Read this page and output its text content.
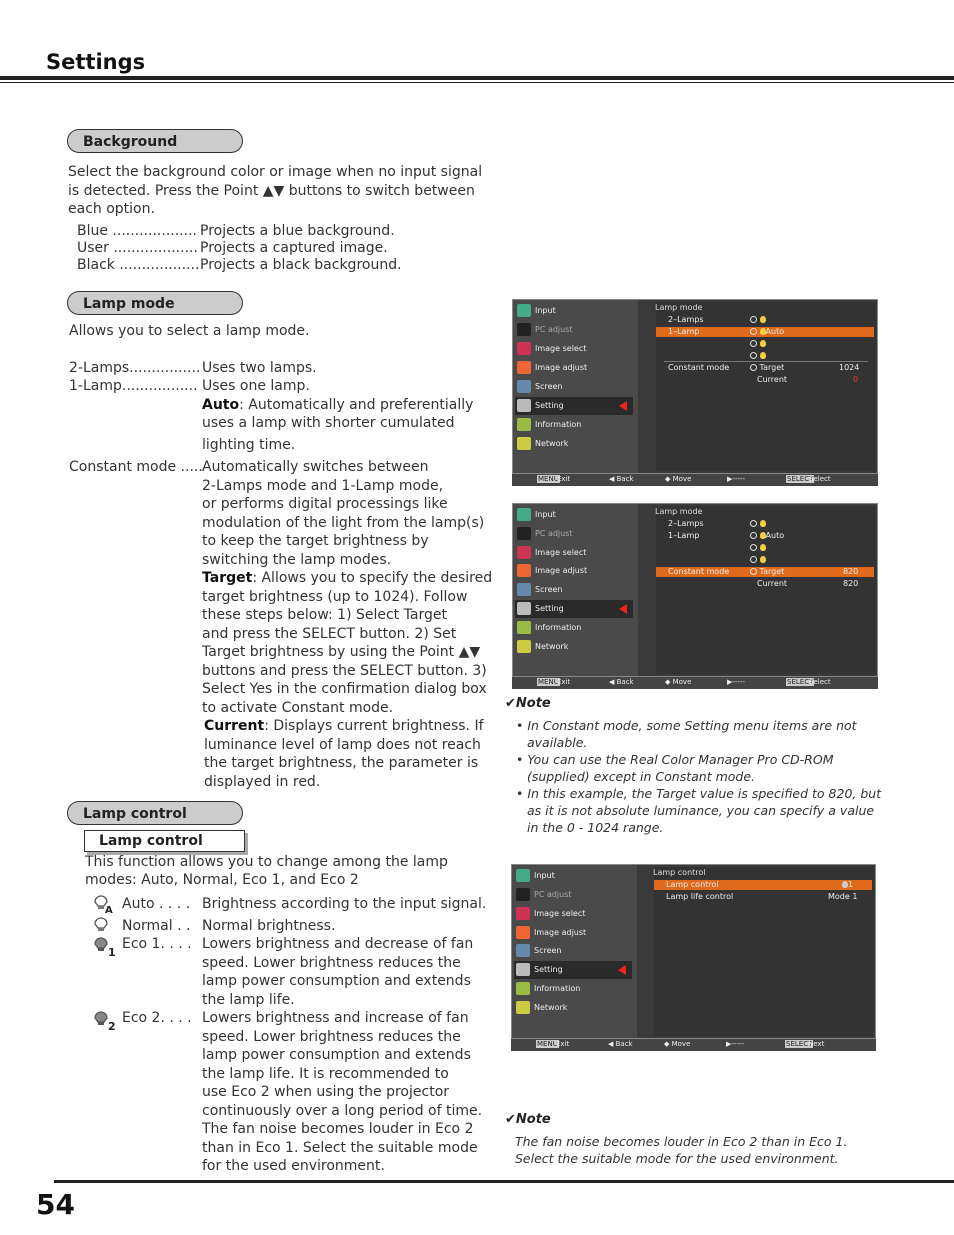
Settings
Background
Select the background color or image when no input signal
is detected. Press the Point ▲▼ buttons to switch between
each option.
Blue ................... Projects a blue background.
User ................... Projects a captured image.
Black .................. Projects a black background.
Lamp mode
Allows you to select a lamp mode.
2-Lamps................ Uses two lamps.
1-Lamp................. Uses one lamp.
Auto: Automatically and preferentially
uses a lamp with shorter cumulated
lighting time.
Constant mode ..... Automatically switches between
2-Lamps mode and 1-Lamp mode,
or performs digital processings like
modulation of the light from the lamp(s)
to keep the target brightness by
switching the lamp modes.
Target: Allows you to specify the desired
target brightness (up to 1024). Follow
these steps below: 1) Select Target
and press the SELECT button. 2) Set
Target brightness by using the Point ▲▼
buttons and press the SELECT button. 3)
Select Yes in the confirmation dialog box
to activate Constant mode.
Current: Displays current brightness. If
luminance level of lamp does not reach
the target brightness, the parameter is
displayed in red.
Lamp control
Lamp control
This function allows you to change among the lamp
modes: Auto, Normal, Eco 1, and Eco 2
A
1
2
Auto . . . . Brightness according to the input signal.
Normal . . Normal brightness.
Eco 1. . . . Lowers brightness and decrease of fan
speed. Lower brightness reduces the
lamp power consumption and extends
the lamp life.
Eco 2. . . . Lowers brightness and increase of fan
speed. Lower brightness reduces the
lamp power consumption and extends
the lamp life. It is recommended to
use Eco 2 when using the projector
continuously over a long period of time.
The fan noise becomes louder in Eco 2
than in Eco 1. Select the suitable mode
for the used environment.
Input
PC adjust
Image select
Image adjust
Screen
Setting
Information
Network
Lamp mode
2–Lamps

1–Lamp	Auto

Constant mode	Target	1024
Current	0
MENU
Exit	◀ Back	◆ Move	▶-----	SELECT
Select
Input
PC adjust
Image select
Image adjust
Screen
Setting
Information
Network
Lamp mode
2–Lamps

1–Lamp	Auto

Constant mode	Target	820
Current	820
MENU
Exit	◀ Back	◆ Move	▶-----	SELECT
Select
✔Note
• In Constant mode, some Setting menu items are not
available.
• You can use the Real Color Manager Pro CD-ROM
(supplied) except in Constant mode.
• In this example, the Target value is specified to 820, but
as it is not absolute luminance, you can specify a value
in the 0 - 1024 range.
Input
PC adjust
Image select
Image adjust
Screen
Setting
Information
Network
Lamp control
Lamp control	1
Lamp life control	Mode 1
MENU
Exit	◀ Back	◆ Move	▶-----	SELECT
Next
✔Note
The fan noise becomes louder in Eco 2 than in Eco 1.
Select the suitable mode for the used environment.
54
